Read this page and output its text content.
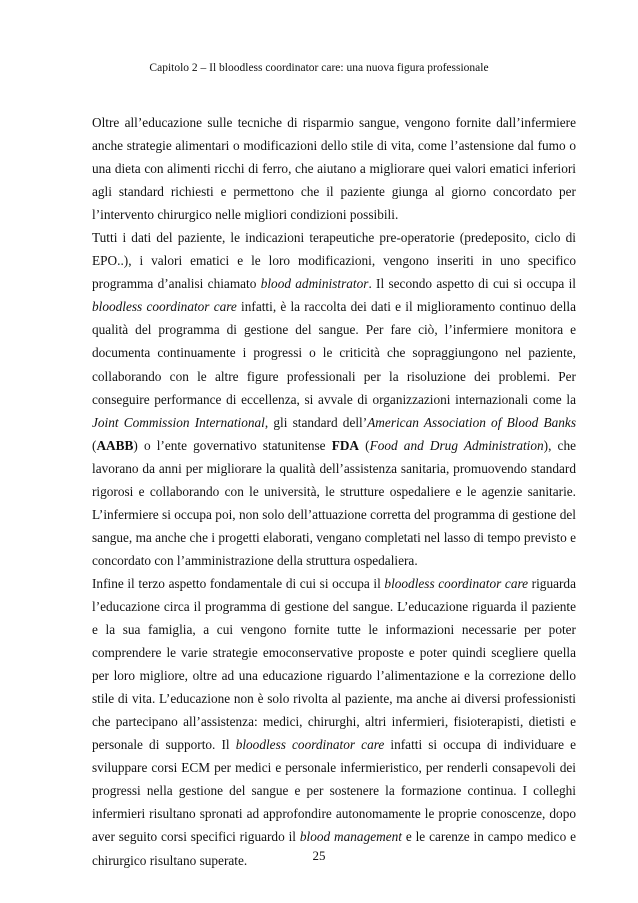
Capitolo 2 – Il bloodless coordinator care: una nuova figura professionale

Oltre all’educazione sulle tecniche di risparmio sangue, vengono fornite dall’infermiere anche strategie alimentari o modificazioni dello stile di vita, come l’astensione dal fumo o una dieta con alimenti ricchi di ferro, che aiutano a migliorare quei valori ematici inferiori agli standard richiesti e permettono che il paziente giunga al giorno concordato per l’intervento chirurgico nelle migliori condizioni possibili.

Tutti i dati del paziente, le indicazioni terapeutiche pre-operatorie (predeposito, ciclo di EPO..), i valori ematici e le loro modificazioni, vengono inseriti in uno specifico programma d’analisi chiamato blood administrator. Il secondo aspetto di cui si occupa il bloodless coordinator care infatti, è la raccolta dei dati e il miglioramento continuo della qualità del programma di gestione del sangue. Per fare ciò, l’infermiere monitora e documenta continuamente i progressi o le criticità che sopraggiungono nel paziente, collaborando con le altre figure professionali per la risoluzione dei problemi. Per conseguire performance di eccellenza, si avvale di organizzazioni internazionali come la Joint Commission International, gli standard dell’American Association of Blood Banks (AABB) o l’ente governativo statunitense FDA (Food and Drug Administration), che lavorano da anni per migliorare la qualità dell’assistenza sanitaria, promuovendo standard rigorosi e collaborando con le università, le strutture ospedaliere e le agenzie sanitarie. L’infermiere si occupa poi, non solo dell’attuazione corretta del programma di gestione del sangue, ma anche che i progetti elaborati, vengano completati nel lasso di tempo previsto e concordato con l’amministrazione della struttura ospedaliera.

Infine il terzo aspetto fondamentale di cui si occupa il bloodless coordinator care riguarda l’educazione circa il programma di gestione del sangue. L’educazione riguarda il paziente e la sua famiglia, a cui vengono fornite tutte le informazioni necessarie per poter comprendere le varie strategie emoconservative proposte e poter quindi scegliere quella per loro migliore, oltre ad una educazione riguardo l’alimentazione e la correzione dello stile di vita. L’educazione non è solo rivolta al paziente, ma anche ai diversi professionisti che partecipano all’assistenza: medici, chirurghi, altri infermieri, fisioterapisti, dietisti e personale di supporto. Il bloodless coordinator care infatti si occupa di individuare e sviluppare corsi ECM per medici e personale infermieristico, per renderli consapevoli dei progressi nella gestione del sangue e per sostenere la formazione continua. I colleghi infermieri risultano spronati ad approfondire autonomamente le proprie conoscenze, dopo aver seguito corsi specifici riguardo il blood management e le carenze in campo medico e chirurgico risultano superate.	25
